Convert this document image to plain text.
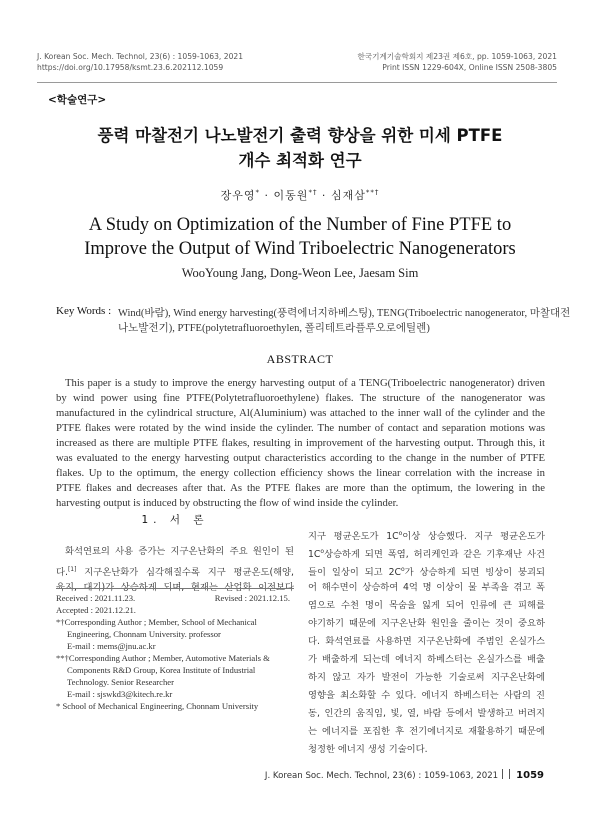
J. Korean Soc. Mech. Technol, 23(6) : 1059-1063, 2021
https://doi.org/10.17958/ksmt.23.6.202112.1059
한국기계기술학회지 제23권 제6호, pp. 1059-1063, 2021
Print ISSN 1229-604X, Online ISSN 2508-3805
<학술연구>
풍력 마찰전기 나노발전기 출력 향상을 위한 미세 PTFE
개수 최적화 연구
장우영* · 이동원*† · 심재삼**†
A Study on Optimization of the Number of Fine PTFE to
Improve the Output of Wind Triboelectric Nanogenerators
WooYoung Jang, Dong-Weon Lee, Jaesam Sim
Key Words : Wind(바람), Wind energy harvesting(풍력에너지하베스팅), TENG(Triboelectric nanogenerator, 마찰대전
나노발전기), PTFE(polytetrafluoroethylen, 폴리테트라플루오로에틸렌)
ABSTRACT
This paper is a study to improve the energy harvesting output of a TENG(Triboelectric nanogenerator) driven
by wind power using fine PTFE(Polytetrafluoroethylene) flakes. The structure of the nanogenerator was
manufactured in the cylindrical structure, Al(Aluminium) was attached to the inner wall of the cylinder and the
PTFE flakes were rotated by the wind inside the cylinder. The number of contact and separation motions was
increased as there are multiple PTFE flakes, resulting in improvement of the harvesting output. Through this, it
was evaluated to the energy harvesting output characteristics according to the change in the number of PTFE
flakes. Up to the optimum, the energy collection efficiency shows the linear correlation with the increase in
PTFE flakes and decreases after that. As the PTFE flakes are more than the optimum, the lowering in the
harvesting output is induced by obstructing the flow of wind inside the cylinder.
1. 서 론
화석연료의 사용 증가는 지구온난화의 주요 원인이 된
다.[1] 지구온난화가 심각해질수록 지구 평균온도(해양,
육지, 대기)가 상승하게 되며, 현재는 산업화 이전보다
Received : 2021.11.23.	Revised : 2021.12.15.
Accepted : 2021.12.21.
*†Corresponding Author ; Member, School of Mechanical
Engineering, Chonnam University. professor
E-mail : mems@jnu.ac.kr
**†Corresponding Author ; Member, Automotive Materials &
Components R&D Group, Korea Institute of Industrial
Technology. Senior Researcher
E-mail : sjswkd3@kitech.re.kr
* School of Mechanical Engineering, Chonnam University
지구 평균온도가 $1C^o$이상 상승했다. 지구 평균온도가
$1C^o$상승하게 되면 폭염, 허리케인과 같은 기후재난 사건
들이 일상이 되고 $2C^o$가 상승하게 되면 빙상이 붕괴되
어 해수면이 상승하여 4억 명 이상이 물 부족을 겪고 폭
염으로 수천 명이 목숨을 잃게 되어 인류에 큰 피해를
야기하기 때문에 지구온난화 원인을 줄이는 것이 중요하
다. 화석연료를 사용하면 지구온난화에 주범인 온실가스
가 배출하게 되는데 에너지 하베스터는 온실가스를 배출
하지 않고 자가 발전이 가능한 기술로써 지구온난화에
영향을 최소화할 수 있다. 에너지 하베스터는 사람의 진
동, 인간의 움직임, 빛, 열, 바람 등에서 발생하고 버려지
는 에너지를 포집한 후 전기에너지로 재활용하기 때문에
청정한 에너지 생성 기술이다.
J. Korean Soc. Mech. Technol, 23(6) : 1059-1063, 2021 1059
